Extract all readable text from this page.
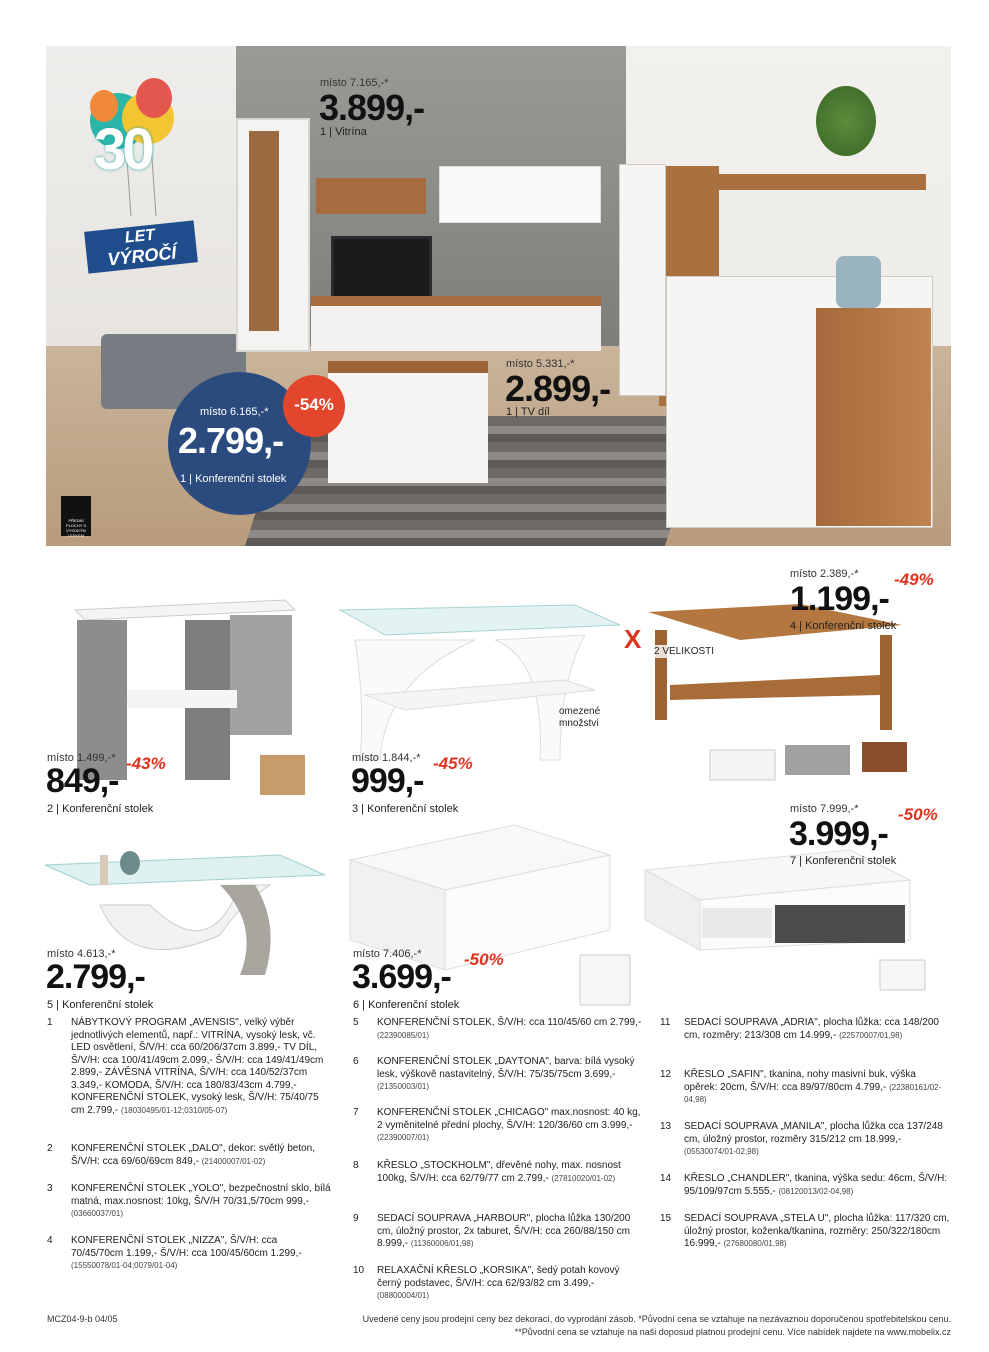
30
LET
VÝROČÍ
PŘEDNÍ PLOCHY S VYSOKÝM LESKEM
místo 7.165,-*
3.899,-
1 | Vitrína
místo 5.331,-*
2.899,-
1 | TV díl
místo 6.165,-*
2.799,-
1 | Konferenční stolek
-54%
místo 1.499,-*
849,- -43%
2 | Konferenční stolek
omezené množství
místo 1.844,-*
999,- -45%
3 | Konferenční stolek
X	2 VELIKOSTI
místo 2.389,-*
1.199,-
-49%
4 | Konferenční stolek
místo 4.613,-*
2.799,-
5 | Konferenční stolek
místo 7.406,-*
3.699,- -50%
6 | Konferenční stolek
místo 7.999,-*
3.999,-
-50%
7 | Konferenční stolek
1 NÁBYTKOVÝ PROGRAM „AVENSIS", velký výběr jednotlivých elementů, např.: VITRÍNA, vysoký lesk, vč. LED osvětlení, Š/V/H: cca 60/206/37cm 3.899,- TV DÍL, Š/V/H: cca 100/41/49cm 2.099,- Š/V/H: cca 149/41/49cm 2.899,- ZÁVĚSNÁ VITRÍNA, Š/V/H: cca 140/52/37cm 3.349,- KOMODA, Š/V/H: cca 180/83/43cm 4.799,- KONFERENČNÍ STOLEK, vysoký lesk, Š/V/H: 75/40/75 cm 2.799,- (18030495/01-12;0310/05-07)
2 KONFERENČNÍ STOLEK „DALO", dekor: světlý beton, Š/V/H: cca 69/60/69cm 849,- (21400007/01-02)
3 KONFERENČNÍ STOLEK „YOLO", bezpečnostní sklo, bílá matná, max.nosnost: 10kg, Š/V/H 70/31,5/70cm 999,- (03660037/01)
4 KONFERENČNÍ STOLEK „NIZZA", Š/V/H: cca 70/45/70cm 1.199,- Š/V/H: cca 100/45/60cm 1.299,- (15550078/01-04;0079/01-04)
5 KONFERENČNÍ STOLEK, Š/V/H: cca 110/45/60 cm 2.799,- (22390085/01)
6 KONFERENČNÍ STOLEK „DAYTONA", barva: bílá vysoký lesk, výškově nastavitelný, Š/V/H: 75/35/75cm 3.699,- (21350003/01)
7 KONFERENČNÍ STOLEK „CHICAGO" max.nosnost: 40 kg, 2 vyměnitelné přední plochy, Š/V/H: 120/36/60 cm 3.999,- (22390007/01)
8 KŘESLO „STOCKHOLM", dřevěné nohy, max. nosnost 100kg, Š/V/H: cca 62/79/77 cm 2.799,- (27810020/01-02)
9 SEDACÍ SOUPRAVA „HARBOUR", plocha lůžka 130/200 cm, úložný prostor, 2x taburet, Š/V/H: cca 260/88/150 cm 8.999,- (11360006/01,98)
10 RELAXAČNÍ KŘESLO „KORSIKA", šedý potah kovový černý podstavec, Š/V/H: cca 62/93/82 cm 3.499,- (08800004/01)
11 SEDACÍ SOUPRAVA „ADRIA", plocha lůžka: cca 148/200 cm, rozměry: 213/308 cm 14.999,- (22570007/01,98)
12 KŘESLO „SAFIN", tkanina, nohy masivní buk, výška opěrek: 20cm, Š/V/H: cca 89/97/80cm 4.799,- (22380161/02-04,98)
13 SEDACÍ SOUPRAVA „MANILA", plocha lůžka cca 137/248 cm, úložný prostor, rozměry 315/212 cm 18.999,- (05530074/01-02,98)
14 KŘESLO „CHANDLER", tkanina, výška sedu: 46cm, Š/V/H: 95/109/97cm 5.555,- (08120013/02-04,98)
15 SEDACÍ SOUPRAVA „STELA U", plocha lůžka: 117/320 cm, úložný prostor, koženka/tkanina, rozměry: 250/322/180cm 16.999,- (27680080/01,98)
MCZ04-9-b 04/05	Uvedené ceny jsou prodejní ceny bez dekorací, do vyprodání zásob. *Původní cena se vztahuje na nezávaznou doporučenou spotřebitelskou cenu.
**Původní cena se vztahuje na naši doposud platnou prodejní cenu. Více nabídek najdete na www.mobelix.cz
